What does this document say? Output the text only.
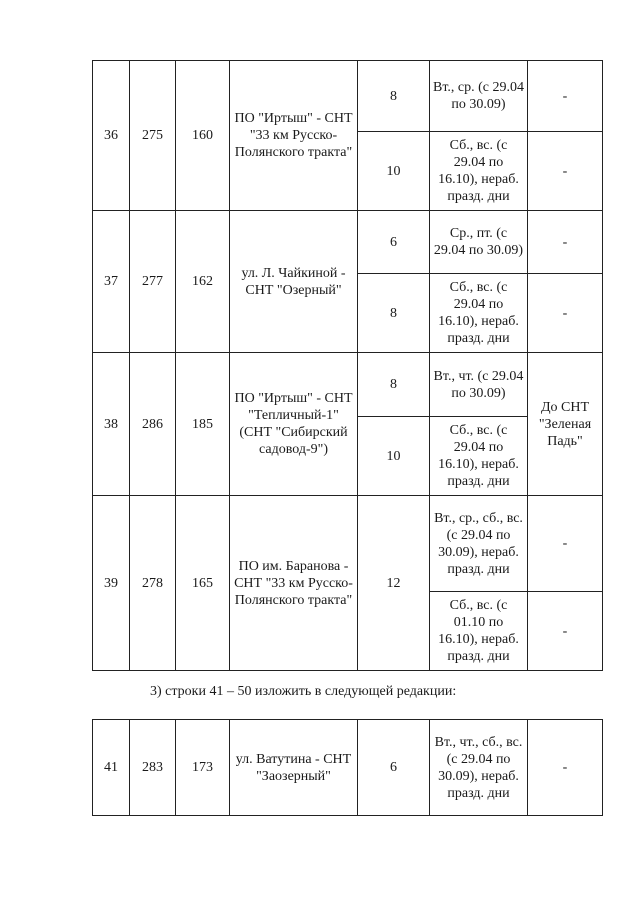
36	275	160	ПО "Иртыш" - СНТ "33 км Русско-Полянского тракта"	8	Вт., ср. (с 29.04 по 30.09)	-
				10	Сб., вс. (с 29.04 по 16.10), нераб. празд. дни	-
37	277	162	ул. Л. Чайкиной - СНТ "Озерный"	6	Ср., пт. (с 29.04 по 30.09)	-
				8	Сб., вс. (с 29.04 по 16.10), нераб. празд. дни	-
38	286	185	ПО "Иртыш" - СНТ "Тепличный-1" (СНТ "Сибирский садовод-9")	8	Вт., чт. (с 29.04 по 30.09)	До СНТ "Зеленая Падь"
				10	Сб., вс. (с 29.04 по 16.10), нераб. празд. дни	
39	278	165	ПО им. Баранова - СНТ "33 км Русско-Полянского тракта"	12	Вт., ср., сб., вс. (с 29.04 по 30.09), нераб. празд. дни	-
					Сб., вс. (с 01.10 по 16.10), нераб. празд. дни	-
3) строки 41 – 50 изложить в следующей редакции:
41	283	173	ул. Ватутина - СНТ "Заозерный"	6	Вт., чт., сб., вс. (с 29.04 по 30.09), нераб. празд. дни	-
